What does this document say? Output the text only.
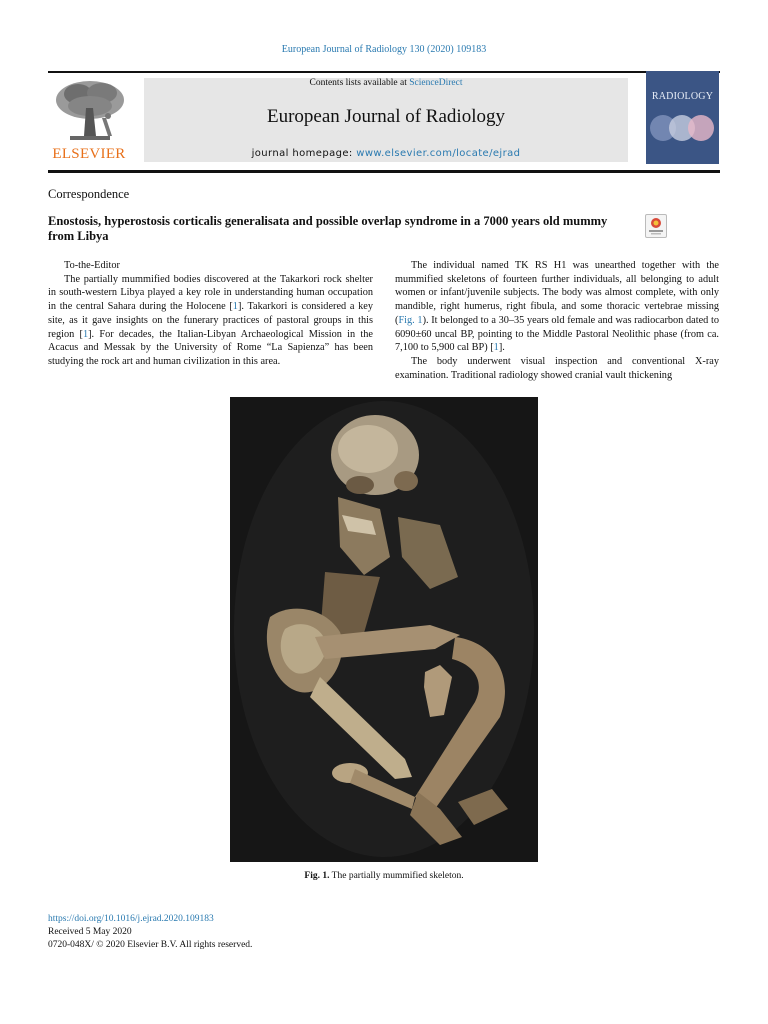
European Journal of Radiology 130 (2020) 109183
ELSEVIER
Contents lists available at ScienceDirect
European Journal of Radiology
journal homepage: www.elsevier.com/locate/ejrad
RADIOLOGY
Correspondence
Enostosis, hyperostosis corticalis generalisata and possible overlap syndrome in a 7000 years old mummy from Libya

To-the-Editor

The partially mummified bodies discovered at the Takarkori rock shelter in south-western Libya played a key role in understanding human occupation in the central Sahara during the Holocene [1]. Takarkori is considered a key site, as it gave insights on the funerary practices of pastoral groups in this region [1]. For decades, the Italian-Libyan Archaeological Mission in the Acacus and Messak by the University of Rome “La Sapienza” has been studying the rock art and human civilization in this area.

The individual named TK RS H1 was unearthed together with the mummified skeletons of fourteen further individuals, all belonging to adult women or infant/juvenile subjects. The body was almost complete, with only mandible, right humerus, right fibula, and some thoracic vertebrae missing (Fig. 1). It belonged to a 30–35 years old female and was radiocarbon dated to 6090±60 uncal BP, pointing to the Middle Pastoral Neolithic phase (from ca. 7,100 to 5,900 cal BP) [1].

The body underwent visual inspection and conventional X-ray examination. Traditional radiology showed cranial vault thickening

Fig. 1. The partially mummified skeleton.
https://doi.org/10.1016/j.ejrad.2020.109183
Received 5 May 2020
0720-048X/ © 2020 Elsevier B.V. All rights reserved.
